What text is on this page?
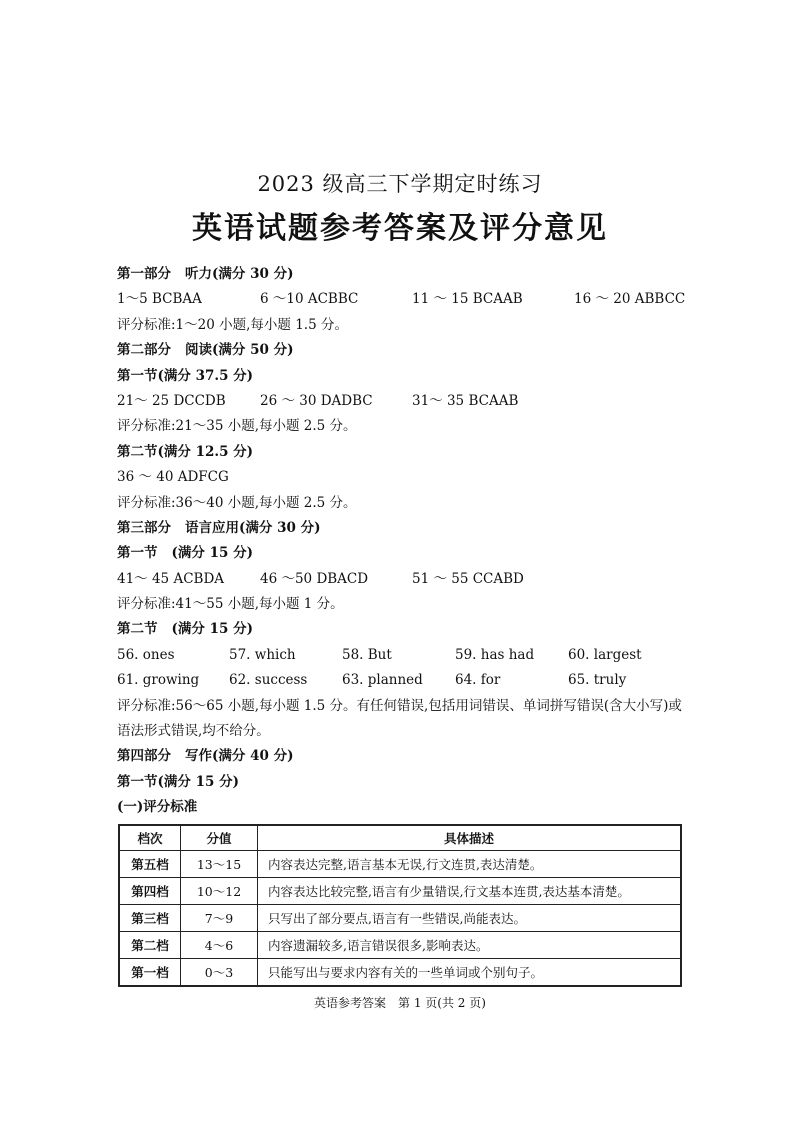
2023 级高三下学期定时练习
英语试题参考答案及评分意见
第一部分 听力(满分 30 分)
1～5 BCBAA	6 ～10 ACBBC	11 ～ 15 BCAAB	16 ～ 20 ABBCC
评分标准:1～20 小题,每小题 1.5 分。
第二部分 阅读(满分 50 分)
第一节(满分 37.5 分)
21～ 25 DCCDB	26 ～ 30 DADBC	31～ 35 BCAAB
评分标准:21～35 小题,每小题 2.5 分。
第二节(满分 12.5 分)
36 ～ 40 ADFCG
评分标准:36～40 小题,每小题 2.5 分。
第三部分 语言应用(满分 30 分)
第一节 (满分 15 分)
41～ 45 ACBDA	46 ～50 DBACD	51 ～ 55 CCABD
评分标准:41～55 小题,每小题 1 分。
第二节 (满分 15 分)
56. ones	57. which	58. But	59. has had	60. largest
61. growing 62. success	63. planned 64. for	65. truly
评分标准:56～65 小题,每小题 1.5 分。有任何错误,包括用词错误、单词拼写错误(含大小写)或语法形式错误,均不给分。
第四部分 写作(满分 40 分)
第一节(满分 15 分)
(一)评分标准
档次	分值	具体描述
第五档	13～15	内容表达完整,语言基本无误,行文连贯,表达清楚。
第四档	10～12	内容表达比较完整,语言有少量错误,行文基本连贯,表达基本清楚。
第三档	7～9	只写出了部分要点,语言有一些错误,尚能表达。
第二档	4～6	内容遗漏较多,语言错误很多,影响表达。
第一档	0～3	只能写出与要求内容有关的一些单词或个别句子。
英语参考答案　第 1 页(共 2 页)
